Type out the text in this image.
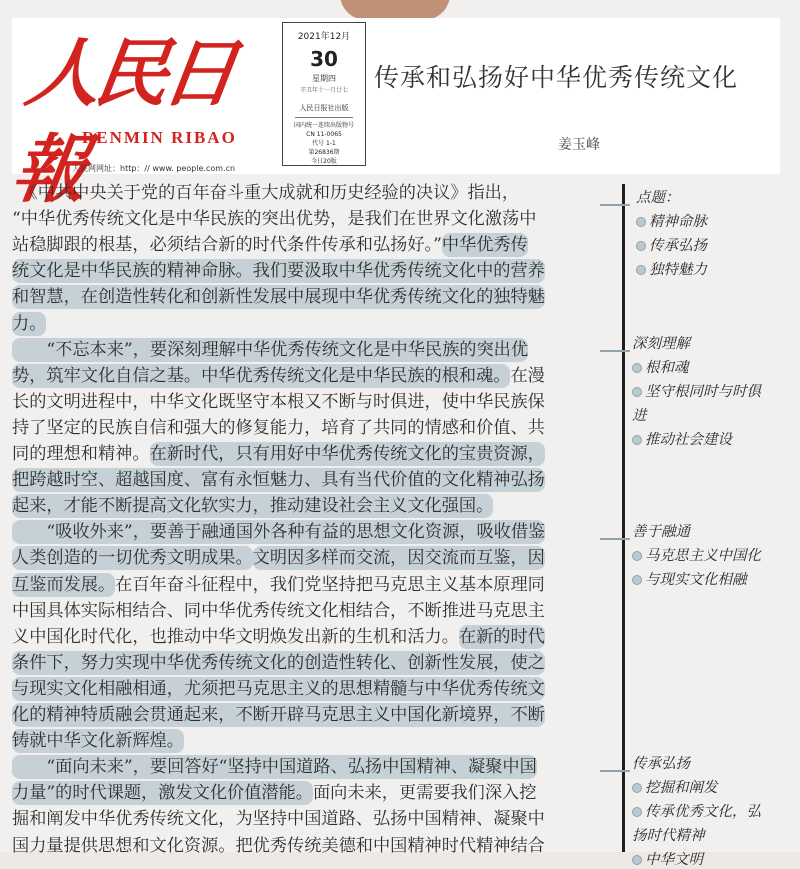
人民日報
RENMIN RIBAO
人民网网址：http：// www. people.com.cn
2021年12月
30
星期四
辛丑年十一月廿七
人民日报社出版
国内统一连续出版物号
CN 11-0065
代号 1-1
第26836期
今日20版
传承和弘扬好中华优秀传统文化
姜玉峰
　《中共中央关于党的百年奋斗重大成就和历史经验的决议》指出，
“中华优秀传统文化是中华民族的突出优势，是我们在世界文化激荡中
站稳脚跟的根基，必须结合新的时代条件传承和弘扬好。”中华优秀传
统文化是中华民族的精神命脉。我们要汲取中华优秀传统文化中的营养
和智慧，在创造性转化和创新性发展中展现中华优秀传统文化的独特魅
力。
　　“不忘本来”，要深刻理解中华优秀传统文化是中华民族的突出优
势，筑牢文化自信之基。中华优秀传统文化是中华民族的根和魂。在漫
长的文明进程中，中华文化既坚守本根又不断与时俱进，使中华民族保
持了坚定的民族自信和强大的修复能力，培育了共同的情感和价值、共
同的理想和精神。在新时代，只有用好中华优秀传统文化的宝贵资源，
把跨越时空、超越国度、富有永恒魅力、具有当代价值的文化精神弘扬
起来，才能不断提高文化软实力，推动建设社会主义文化强国。
　　“吸收外来”，要善于融通国外各种有益的思想文化资源，吸收借鉴
人类创造的一切优秀文明成果。文明因多样而交流，因交流而互鉴，因
互鉴而发展。在百年奋斗征程中，我们党坚持把马克思主义基本原理同
中国具体实际相结合、同中华优秀传统文化相结合，不断推进马克思主
义中国化时代化，也推动中华文明焕发出新的生机和活力。在新的时代
条件下，努力实现中华优秀传统文化的创造性转化、创新性发展，使之
与现实文化相融相通，尤须把马克思主义的思想精髓与中华优秀传统文
化的精神特质融会贯通起来，不断开辟马克思主义中国化新境界，不断
铸就中华文化新辉煌。
　　“面向未来”，要回答好“坚持中国道路、弘扬中国精神、凝聚中国
力量”的时代课题，激发文化价值潜能。面向未来，更需要我们深入挖
掘和阐发中华优秀传统文化，为坚持中国道路、弘扬中国精神、凝聚中
国力量提供思想和文化资源。把优秀传统美德和中国精神时代精神结合
点题：
精神命脉
传承弘扬
独特魅力
深刻理解
根和魂
坚守根同时与时俱
进
推动社会建设
善于融通
马克思主义中国化
与现实文化相融
传承弘扬
挖掘和阐发
传承优秀文化，弘
扬时代精神
中华文明
